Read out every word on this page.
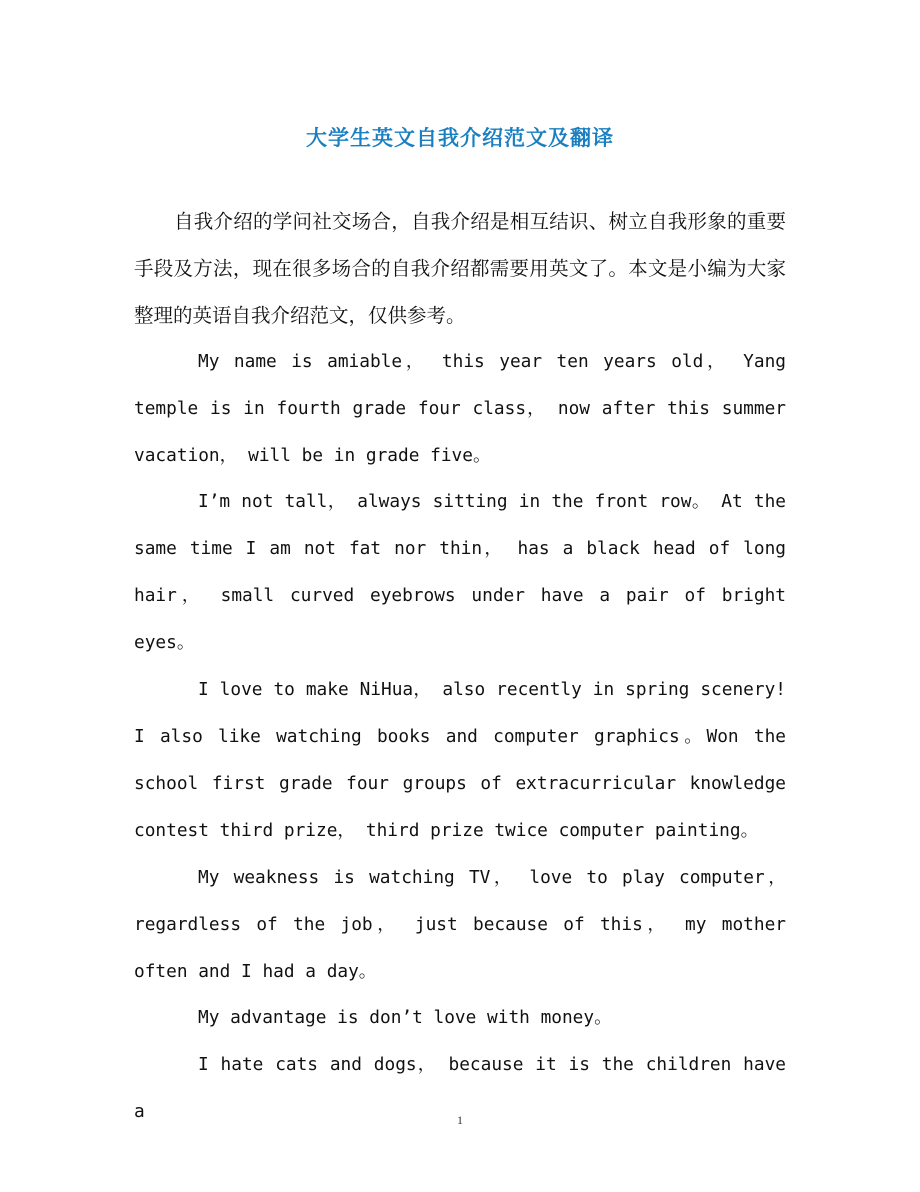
大学生英文自我介绍范文及翻译

自我介绍的学问社交场合，自我介绍是相互结识、树立自我形象的重要手段及方法，现在很多场合的自我介绍都需要用英文了。本文是小编为大家整理的英语自我介绍范文，仅供参考。

My name is amiable， this year ten years old， Yang temple is in fourth grade four class， now after this summer vacation， will be in grade five。

I’m not tall， always sitting in the front row。 At the same time I am not fat nor thin， has a black head of long hair， small curved eyebrows under have a pair of bright eyes。

I love to make NiHua， also recently in spring scenery! I also like watching books and computer graphics。Won the school first grade four groups of extracurricular knowledge contest third prize， third prize twice computer painting。

My weakness is watching TV， love to play computer， regardless of the job， just because of this， my mother often and I had a day。

My advantage is don’t love with money。

I hate cats and dogs， because it is the children have a	1
